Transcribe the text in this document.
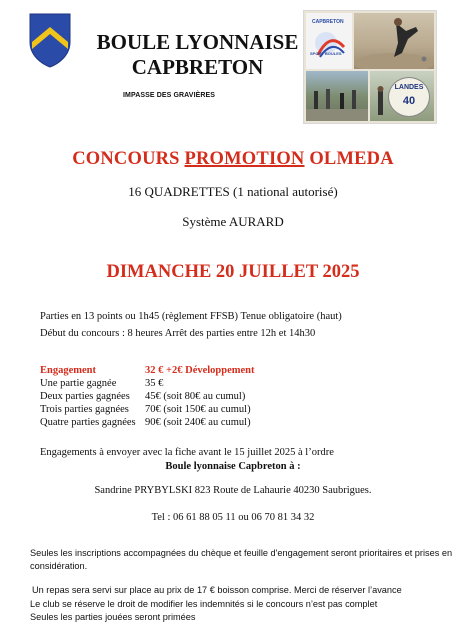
BOULE LYONNAISE
CAPBRETON
IMPASSE DES GRAVIÈRES
CAPBRETON
SPORT BOULES
LANDES
40
CONCOURS PROMOTION OLMEDA
16 QUADRETTES (1 national autorisé)
Système AURARD
DIMANCHE 20 JUILLET 2025
Parties en 13 points ou 1h45 (règlement FFSB) Tenue obligatoire (haut)
Début du concours : 8 heures Arrêt des parties entre 12h et 14h30
Engagement	32 € +2€ Développement
Une partie gagnée	35 €
Deux parties gagnées 45€ (soit 80€ au cumul)
Trois parties gagnées 70€ (soit 150€ au cumul)
Quatre parties gagnées 90€ (soit 240€ au cumul)
Engagements à envoyer avec la fiche avant le 15 juillet 2025 à l’ordre
Boule lyonnaise Capbreton à :
Sandrine PRYBYLSKI 823 Route de Lahaurie 40230 Saubrigues.
Tel : 06 61 88 05 11 ou 06 70 81 34 32
Seules les inscriptions accompagnées du chèque et feuille d'engagement seront prioritaires et prises en
considération.
Un repas sera servi sur place au prix de 17 € boisson comprise. Merci de réserver l’avance
Le club se réserve le droit de modifier les indemnités si le concours n’est pas complet
Seules les parties jouées seront primées
